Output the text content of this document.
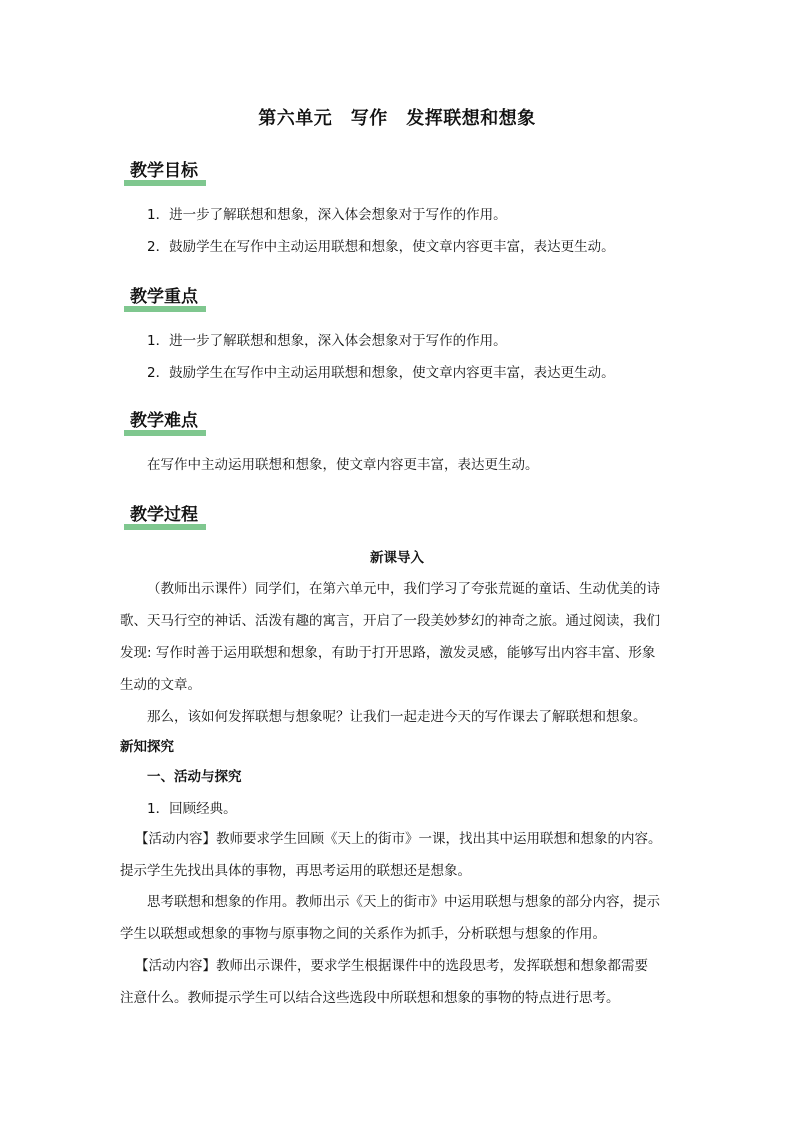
第六单元　写作　发挥联想和想象
教学目标
1．进一步了解联想和想象，深入体会想象对于写作的作用。
2．鼓励学生在写作中主动运用联想和想象，使文章内容更丰富，表达更生动。
教学重点
1．进一步了解联想和想象，深入体会想象对于写作的作用。
2．鼓励学生在写作中主动运用联想和想象，使文章内容更丰富，表达更生动。
教学难点
在写作中主动运用联想和想象，使文章内容更丰富，表达更生动。
教学过程
新课导入
（教师出示课件）同学们，在第六单元中，我们学习了夸张荒诞的童话、生动优美的诗
歌、天马行空的神话、活泼有趣的寓言，开启了一段美妙梦幻的神奇之旅。通过阅读，我们
发现: 写作时善于运用联想和想象，有助于打开思路，激发灵感，能够写出内容丰富、形象
生动的文章。
那么，该如何发挥联想与想象呢？让我们一起走进今天的写作课去了解联想和想象。
新知探究
一、活动与探究
1．回顾经典。
【活动内容】教师要求学生回顾《天上的街市》一课，找出其中运用联想和想象的内容。
提示学生先找出具体的事物，再思考运用的联想还是想象。
思考联想和想象的作用。教师出示《天上的街市》中运用联想与想象的部分内容，提示
学生以联想或想象的事物与原事物之间的关系作为抓手，分析联想与想象的作用。
【活动内容】教师出示课件，要求学生根据课件中的选段思考，发挥联想和想象都需要
注意什么。教师提示学生可以结合这些选段中所联想和想象的事物的特点进行思考。
